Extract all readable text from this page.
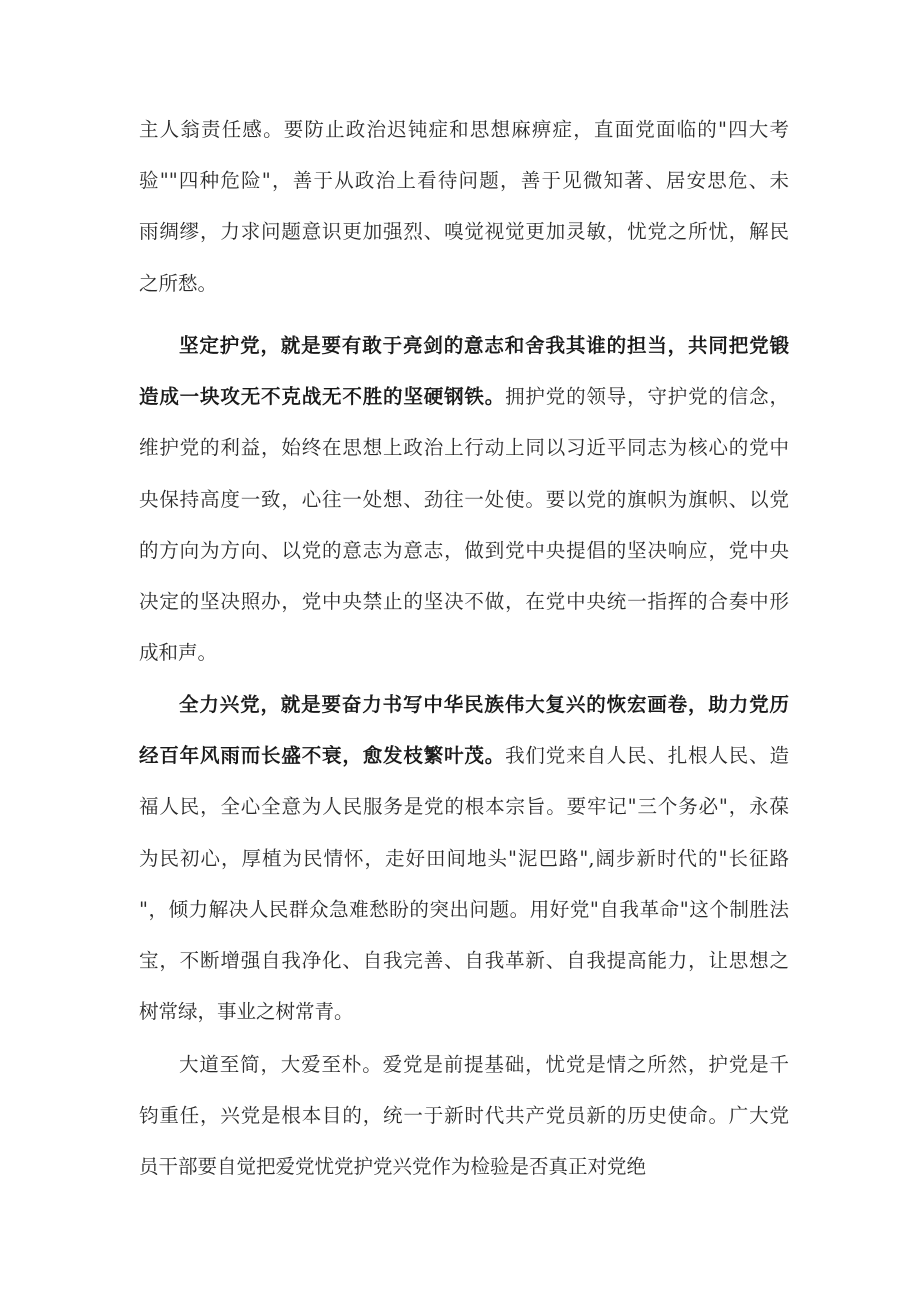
主人翁责任感。要防止政治迟钝症和思想麻痹症，直面党面临的"四大考
验""四种危险"，善于从政治上看待问题，善于见微知著、居安思危、未
雨绸缪，力求问题意识更加强烈、嗅觉视觉更加灵敏，忧党之所忧，解民
之所愁。
坚定护党，就是要有敢于亮剑的意志和舍我其谁的担当，共同把党锻
造成一块攻无不克战无不胜的坚硬钢铁。拥护党的领导，守护党的信念，
维护党的利益，始终在思想上政治上行动上同以习近平同志为核心的党中
央保持高度一致，心往一处想、劲往一处使。要以党的旗帜为旗帜、以党
的方向为方向、以党的意志为意志，做到党中央提倡的坚决响应，党中央
决定的坚决照办，党中央禁止的坚决不做，在党中央统一指挥的合奏中形
成和声。
全力兴党，就是要奋力书写中华民族伟大复兴的恢宏画卷，助力党历
经百年风雨而长盛不衰，愈发枝繁叶茂。我们党来自人民、扎根人民、造
福人民，全心全意为人民服务是党的根本宗旨。要牢记"三个务必"，永葆
为民初心，厚植为民情怀，走好田间地头"泥巴路",阔步新时代的"长征路
"，倾力解决人民群众急难愁盼的突出问题。用好党"自我革命"这个制胜法
宝，不断增强自我净化、自我完善、自我革新、自我提高能力，让思想之
树常绿，事业之树常青。
大道至简，大爱至朴。爱党是前提基础，忧党是情之所然，护党是千
钧重任，兴党是根本目的，统一于新时代共产党员新的历史使命。广大党
员干部要自觉把爱党忧党护党兴党作为检验是否真正对党绝
